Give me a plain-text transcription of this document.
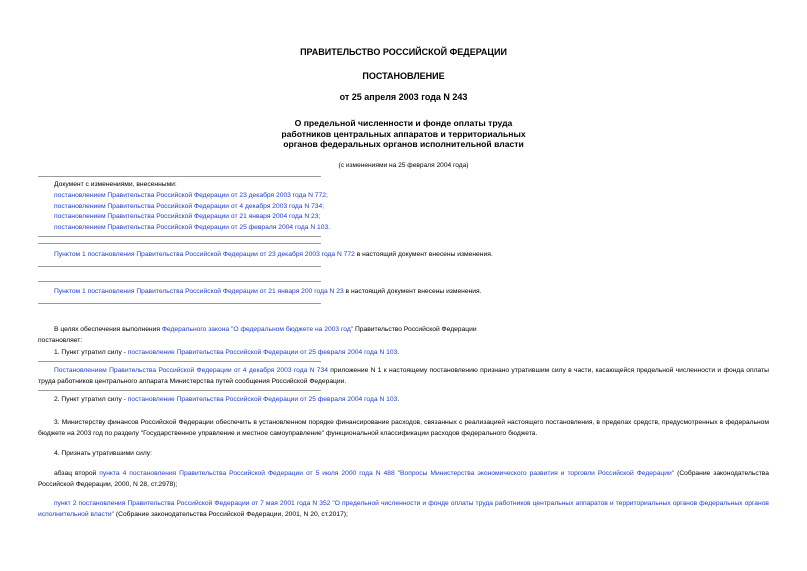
ПРАВИТЕЛЬСТВО РОССИЙСКОЙ ФЕДЕРАЦИИ
ПОСТАНОВЛЕНИЕ
от 25 апреля 2003 года N 243
О предельной численности и фонде оплаты труда
работников центральных аппаратов и территориальных
органов федеральных органов исполнительной власти
(с изменениями на 25 февраля 2004 года)
Документ с изменениями, внесенными:
постановлением Правительства Российской Федерации от 23 декабря 2003 года N 772;
постановлением Правительства Российской Федерации от 4 декабря 2003 года N 734;
постановлением Правительства Российской Федерации от 21 января 2004 года N 23;
постановлением Правительства Российской Федерации от 25 февраля 2004 года N 103.
Пунктом 1 постановления Правительства Российской Федерации от 23 декабря 2003 года N 772 в настоящий документ внесены изменения.
Пунктом 1 постановления Правительства Российской Федерации от 21 января 200 года N 23 в настоящий документ внесены изменения.
В целях обеспечения выполнения Федерального закона "О федеральном бюджете на 2003 год" Правительство Российской Федерации
постановляет:
1. Пункт утратил силу - постановление Правительства Российской Федерации от 25 февраля 2004 года N 103.
Постановлением Правительства Российской Федерации от 4 декабря 2003 года N 734 приложение N 1 к настоящему постановлению признано утратившим силу в части, касающейся предельной численности и фонда оплаты труда работников центрального аппарата Министерства путей сообщения Российской Федерации.
2. Пункт утратил силу - постановление Правительства Российской Федерации от 25 февраля 2004 года N 103.
3. Министерству финансов Российской Федерации обеспечить в установленном порядке финансирование расходов, связанных с реализацией настоящего постановления, в пределах средств, предусмотренных в федеральном бюджете на 2003 год по разделу "Государственное управление и местное самоуправление" функциональной классификации расходов федерального бюджета.
4. Признать утратившими силу:
абзац второй пункта 4 постановления Правительства Российской Федерации от 5 июля 2000 года N 488 "Вопросы Министерства экономического развития и торговли Российской Федерации" (Собрание законодательства Российской Федерации, 2000, N 28, ст.2978);
пункт 2 постановления Правительства Российской Федерации от 7 мая 2001 года N 352 "О предельной численности и фонде оплаты труда работников центральных аппаратов и территориальных органов федеральных органов исполнительной власти" (Собрание законодательства Российской Федерации, 2001, N 20, ст.2017);
